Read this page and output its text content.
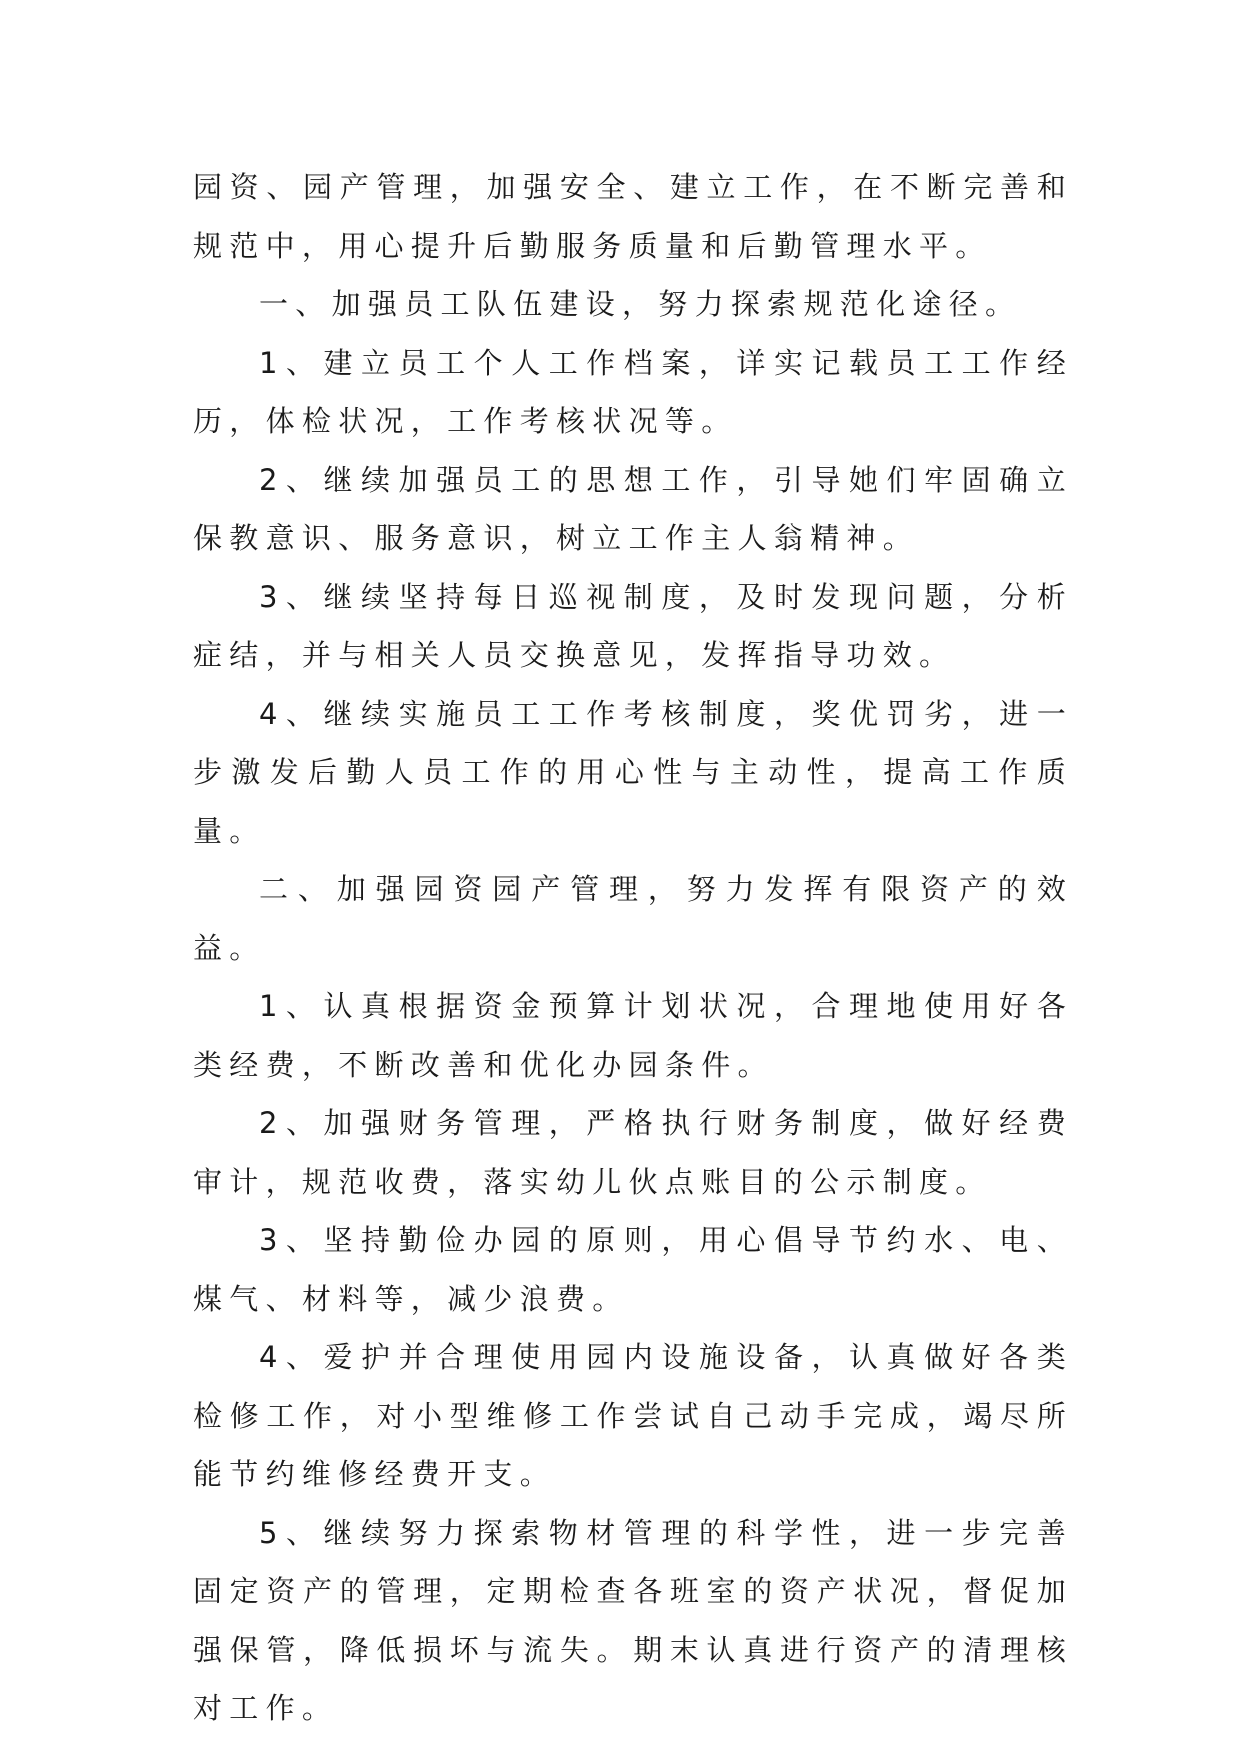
园资、园产管理，加强安全、建立工作，在不断完善和规范中，用心提升后勤服务质量和后勤管理水平。

一、加强员工队伍建设，努力探索规范化途径。

1、建立员工个人工作档案，详实记载员工工作经历，体检状况，工作考核状况等。

2、继续加强员工的思想工作，引导她们牢固确立保教意识、服务意识，树立工作主人翁精神。

3、继续坚持每日巡视制度，及时发现问题，分析症结，并与相关人员交换意见，发挥指导功效。

4、继续实施员工工作考核制度，奖优罚劣，进一步激发后勤人员工作的用心性与主动性，提高工作质量。

二、加强园资园产管理，努力发挥有限资产的效益。

1、认真根据资金预算计划状况，合理地使用好各类经费，不断改善和优化办园条件。

2、加强财务管理，严格执行财务制度，做好经费审计，规范收费，落实幼儿伙点账目的公示制度。

3、坚持勤俭办园的原则，用心倡导节约水、电、煤气、材料等，减少浪费。

4、爱护并合理使用园内设施设备，认真做好各类检修工作，对小型维修工作尝试自己动手完成，竭尽所能节约维修经费开支。

5、继续努力探索物材管理的科学性，进一步完善固定资产的管理，定期检查各班室的资产状况，督促加强保管，降低损坏与流失。期末认真进行资产的清理核对工作。
